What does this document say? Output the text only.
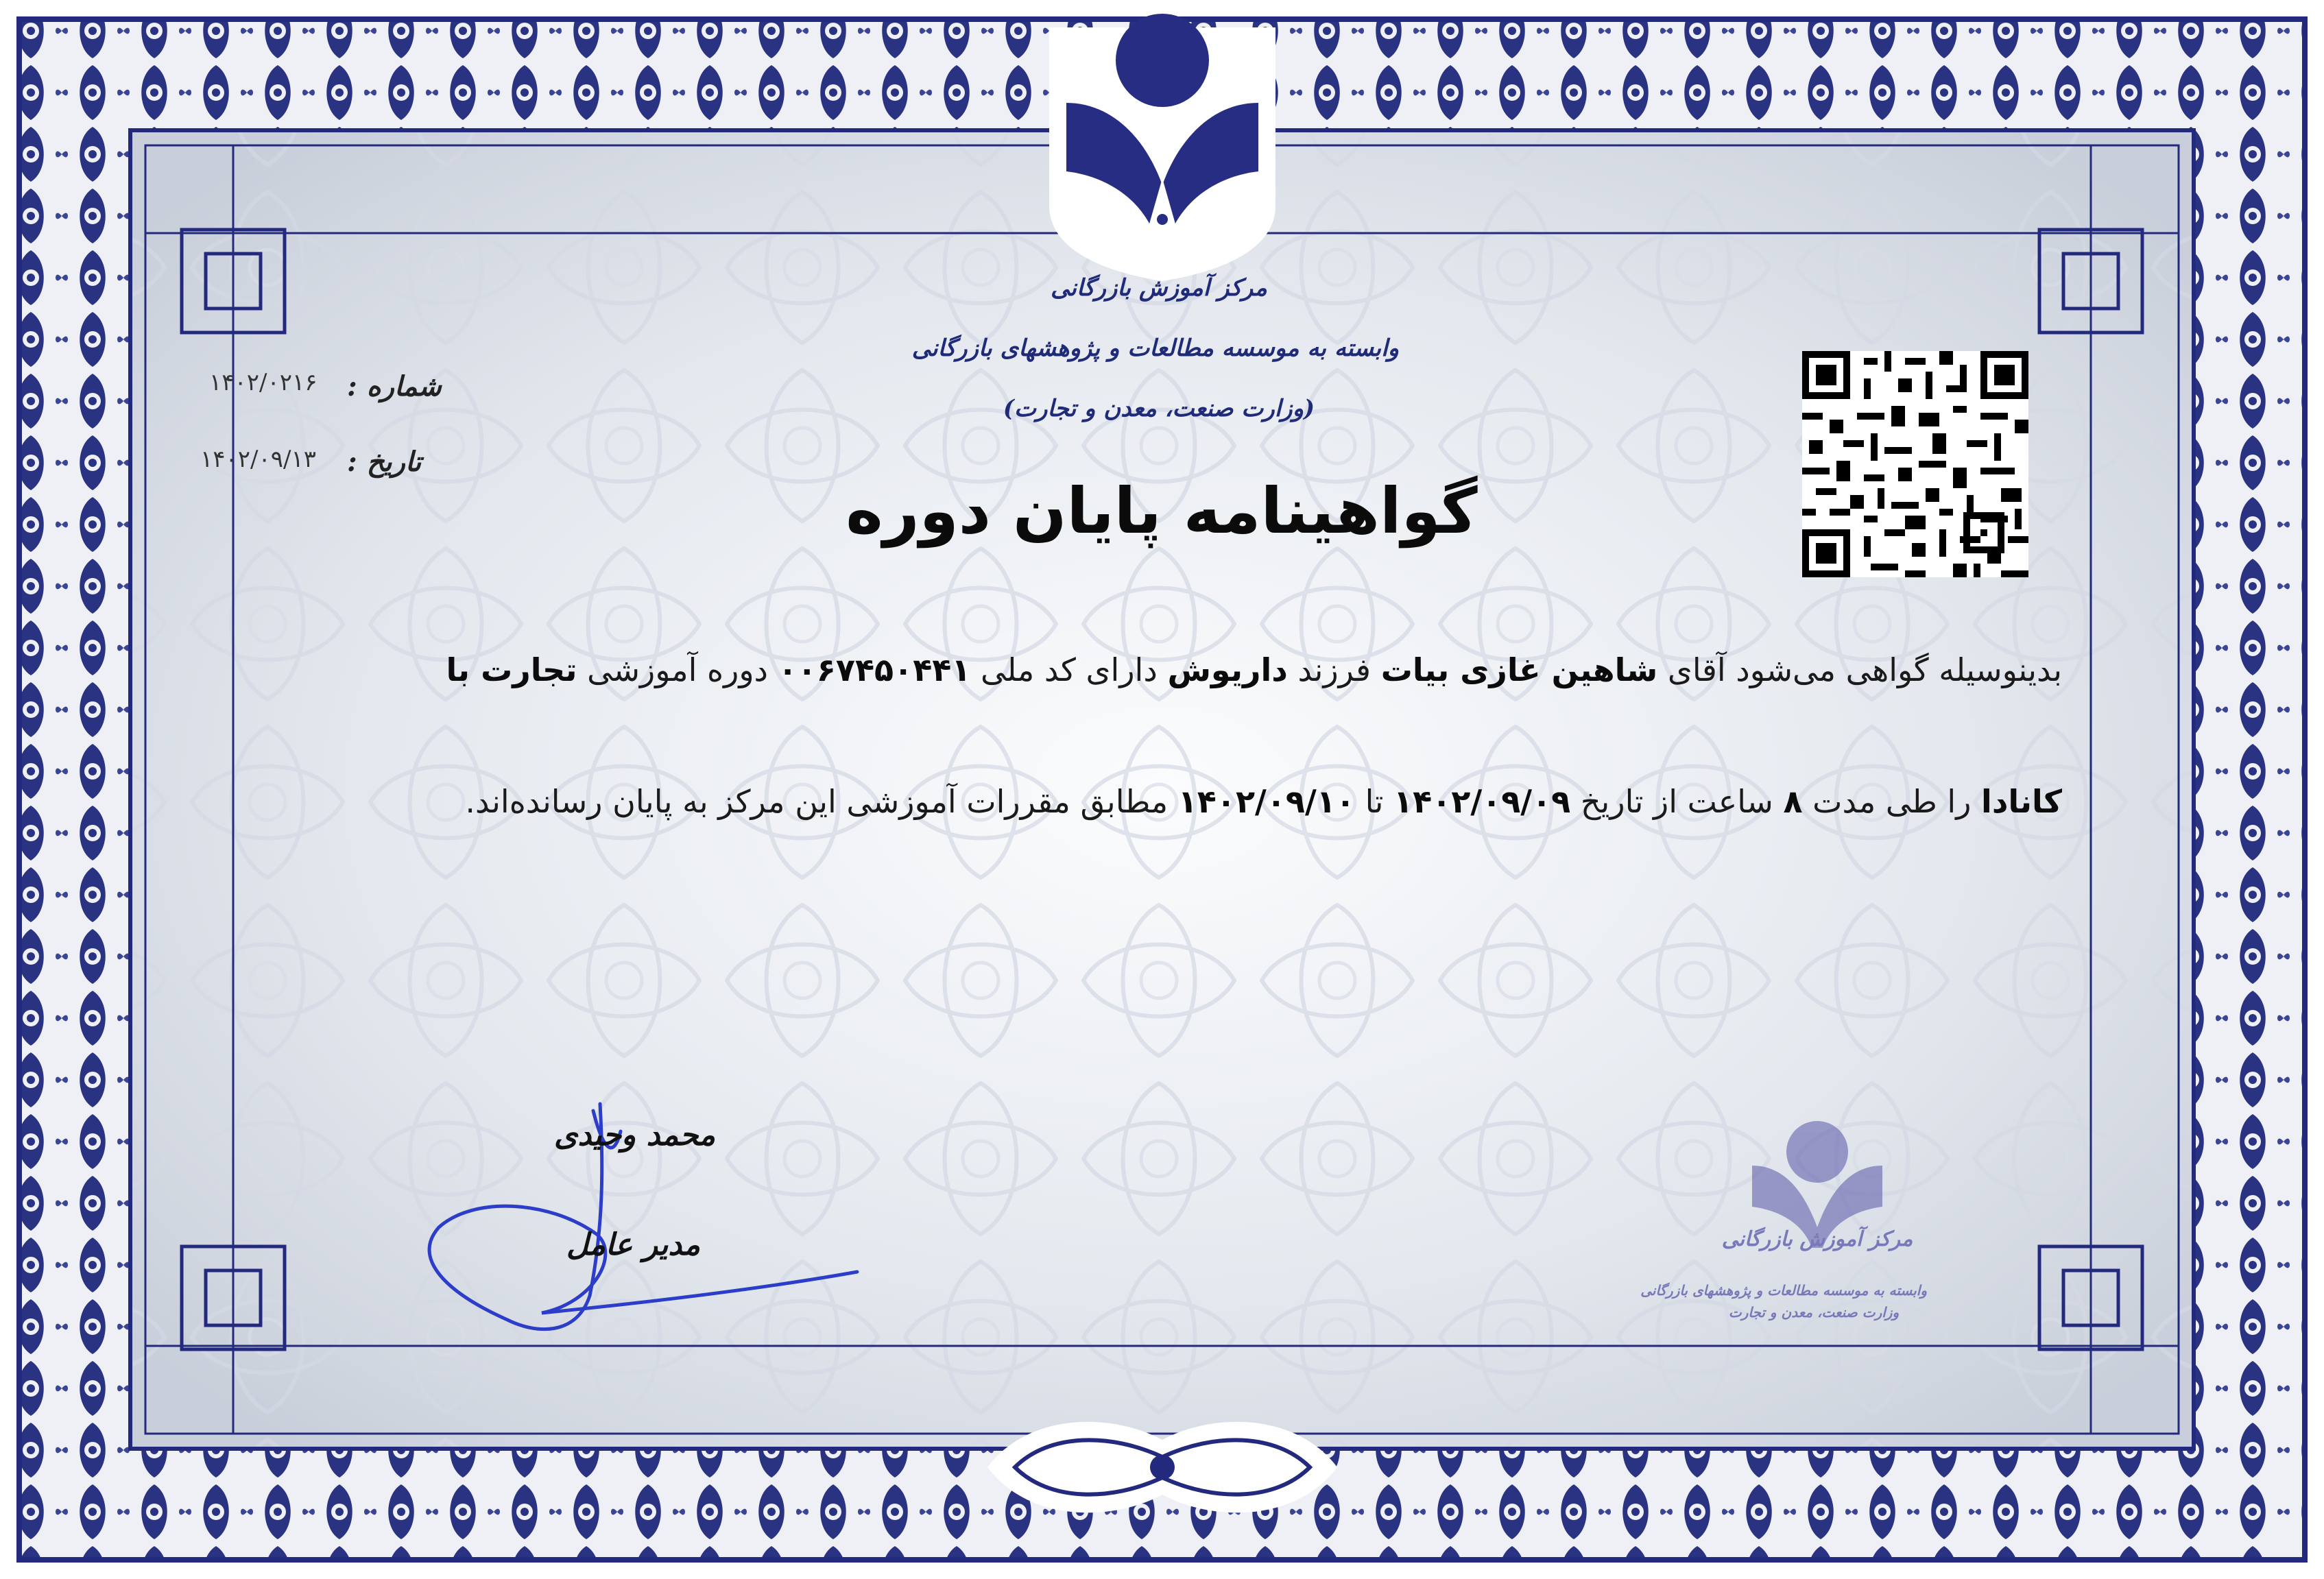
مرکز آموزش بازرگانی
وابسته به موسسه مطالعات و پژوهشهای بازرگانی
(وزارت صنعت، معدن و تجارت)
شماره :
۱۴۰۲/۰۲۱۶
تاریخ :
۱۴۰۲/۰۹/۱۳
گواهینامه پایان دوره
بدینوسیله گواهی می‌شود آقای شاهین غازی بیات فرزند داریوش دارای کد ملی ۰۰۶۷۴۵۰۴۴۱ دوره آموزشی تجارت با
کانادا را طی مدت ۸ ساعت از تاریخ ۱۴۰۲/۰۹/۰۹ تا ۱۴۰۲/۰۹/۱۰ مطابق مقررات آموزشی این مرکز به پایان رسانده‌اند.
محمد وحیدی
مدیر عامل	مرکز آموزش بازرگانی
وابسته به موسسه مطالعات و پژوهشهای بازرگانی
وزارت صنعت، معدن و تجارت
